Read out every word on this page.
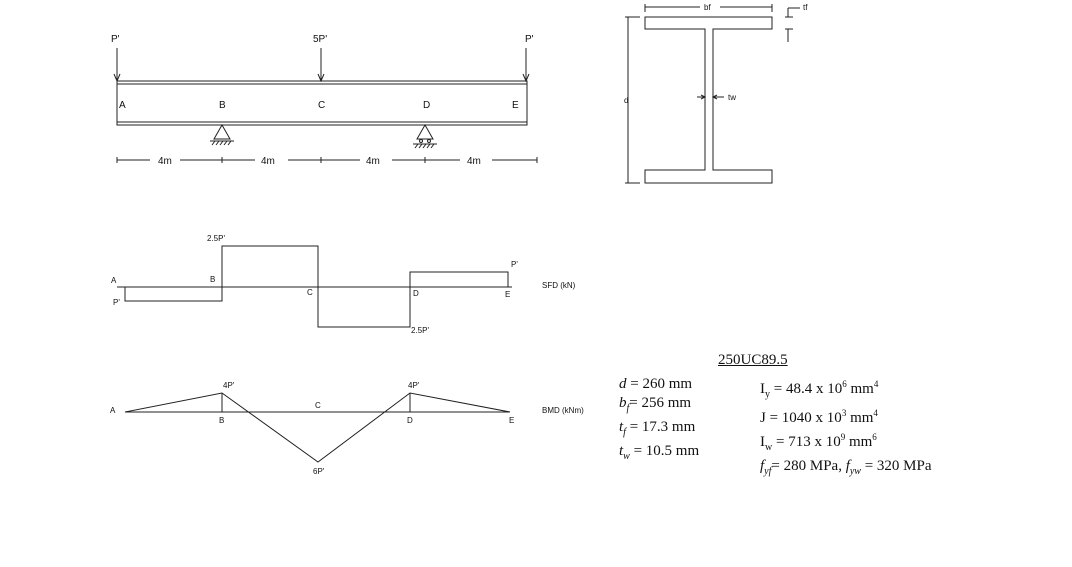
P'	5P'	P'
A	B	C	D	E
4m	4m	4m	4m
bf	tf
d	tw
A
P'
B
2.5P'
C	D
2.5P'
P'
E
SFD (kN)
A
4P'
B
C
6P'
4P'
D	E
BMD (kNm)
250UC89.5
d = 260 mm
$b_f= 256$ mm
$t_f = 17.3$ mm
$t_w = 10.5$ mm
$I_y = 48.4$ x $10^6$ $mm^4$
J = 1040 x $10^3$ $mm^4$
$I_w = 713$ x $10^9$ $mm^6$
$f_{yf}= 280$ MPa, $f_{yw} = 320$ MPa
